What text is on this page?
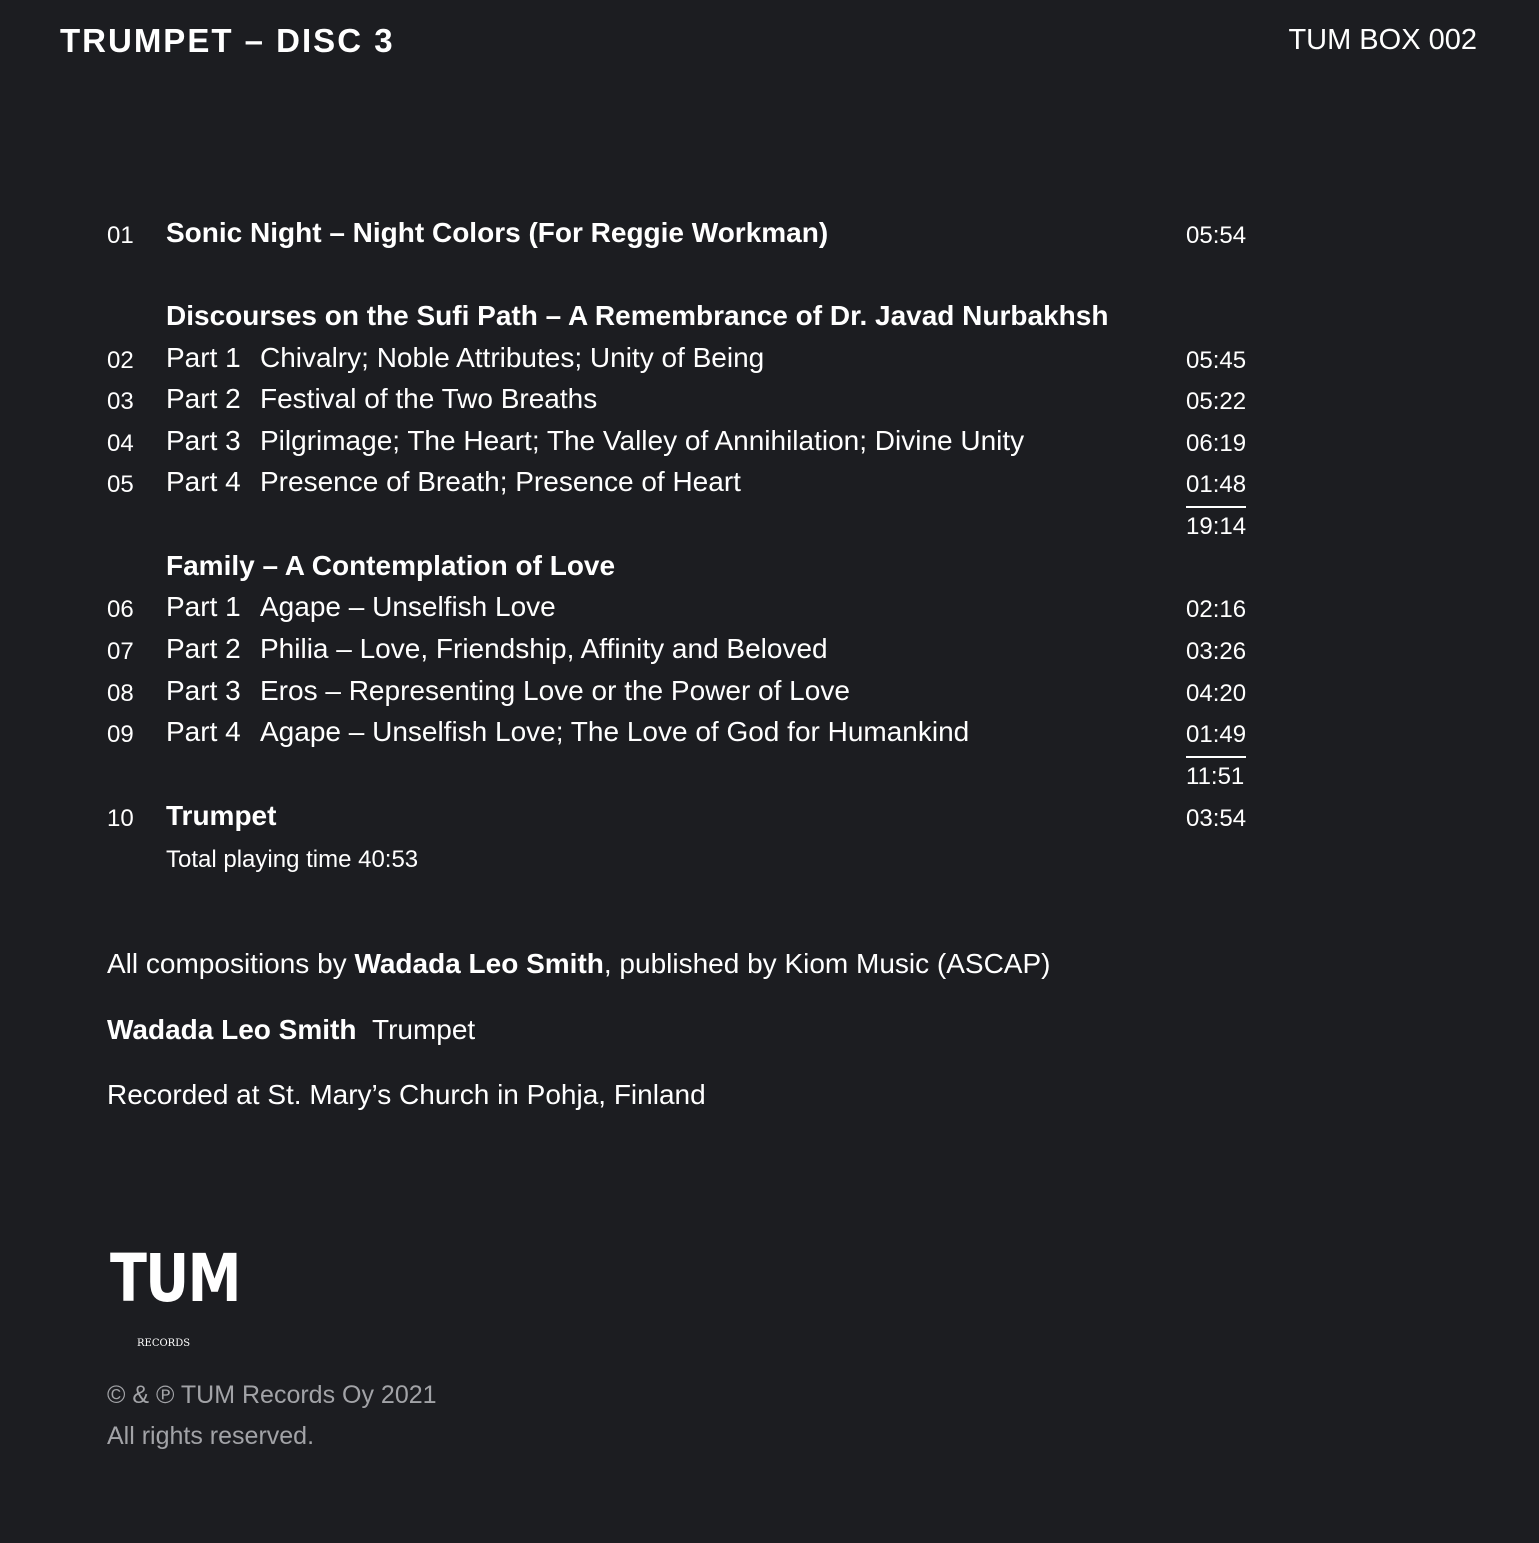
TRUMPET – DISC 3	TUM BOX 002
01 Sonic Night – Night Colors (For Reggie Workman)	05:54
Discourses on the Sufi Path – A Remembrance of Dr. Javad Nurbakhsh
02 Part 1 Chivalry; Noble Attributes; Unity of Being	05:45
03 Part 2 Festival of the Two Breaths	05:22
04 Part 3 Pilgrimage; The Heart; The Valley of Annihilation; Divine Unity	06:19
05 Part 4 Presence of Breath; Presence of Heart	01:48
19:14
Family – A Contemplation of Love
06 Part 1 Agape – Unselfish Love	02:16
07 Part 2 Philia – Love, Friendship, Affinity and Beloved	03:26
08 Part 3 Eros – Representing Love or the Power of Love	04:20
09 Part 4 Agape – Unselfish Love; The Love of God for Humankind	01:49
11:51
10 Trumpet	03:54
Total playing time 40:53
All compositions by Wadada Leo Smith, published by Kiom Music (ASCAP)
Wadada Leo Smith Trumpet
Recorded at St. Mary’s Church in Pohja, Finland
TUM
RECORDS
© & ℗ TUM Records Oy 2021
All rights reserved.
